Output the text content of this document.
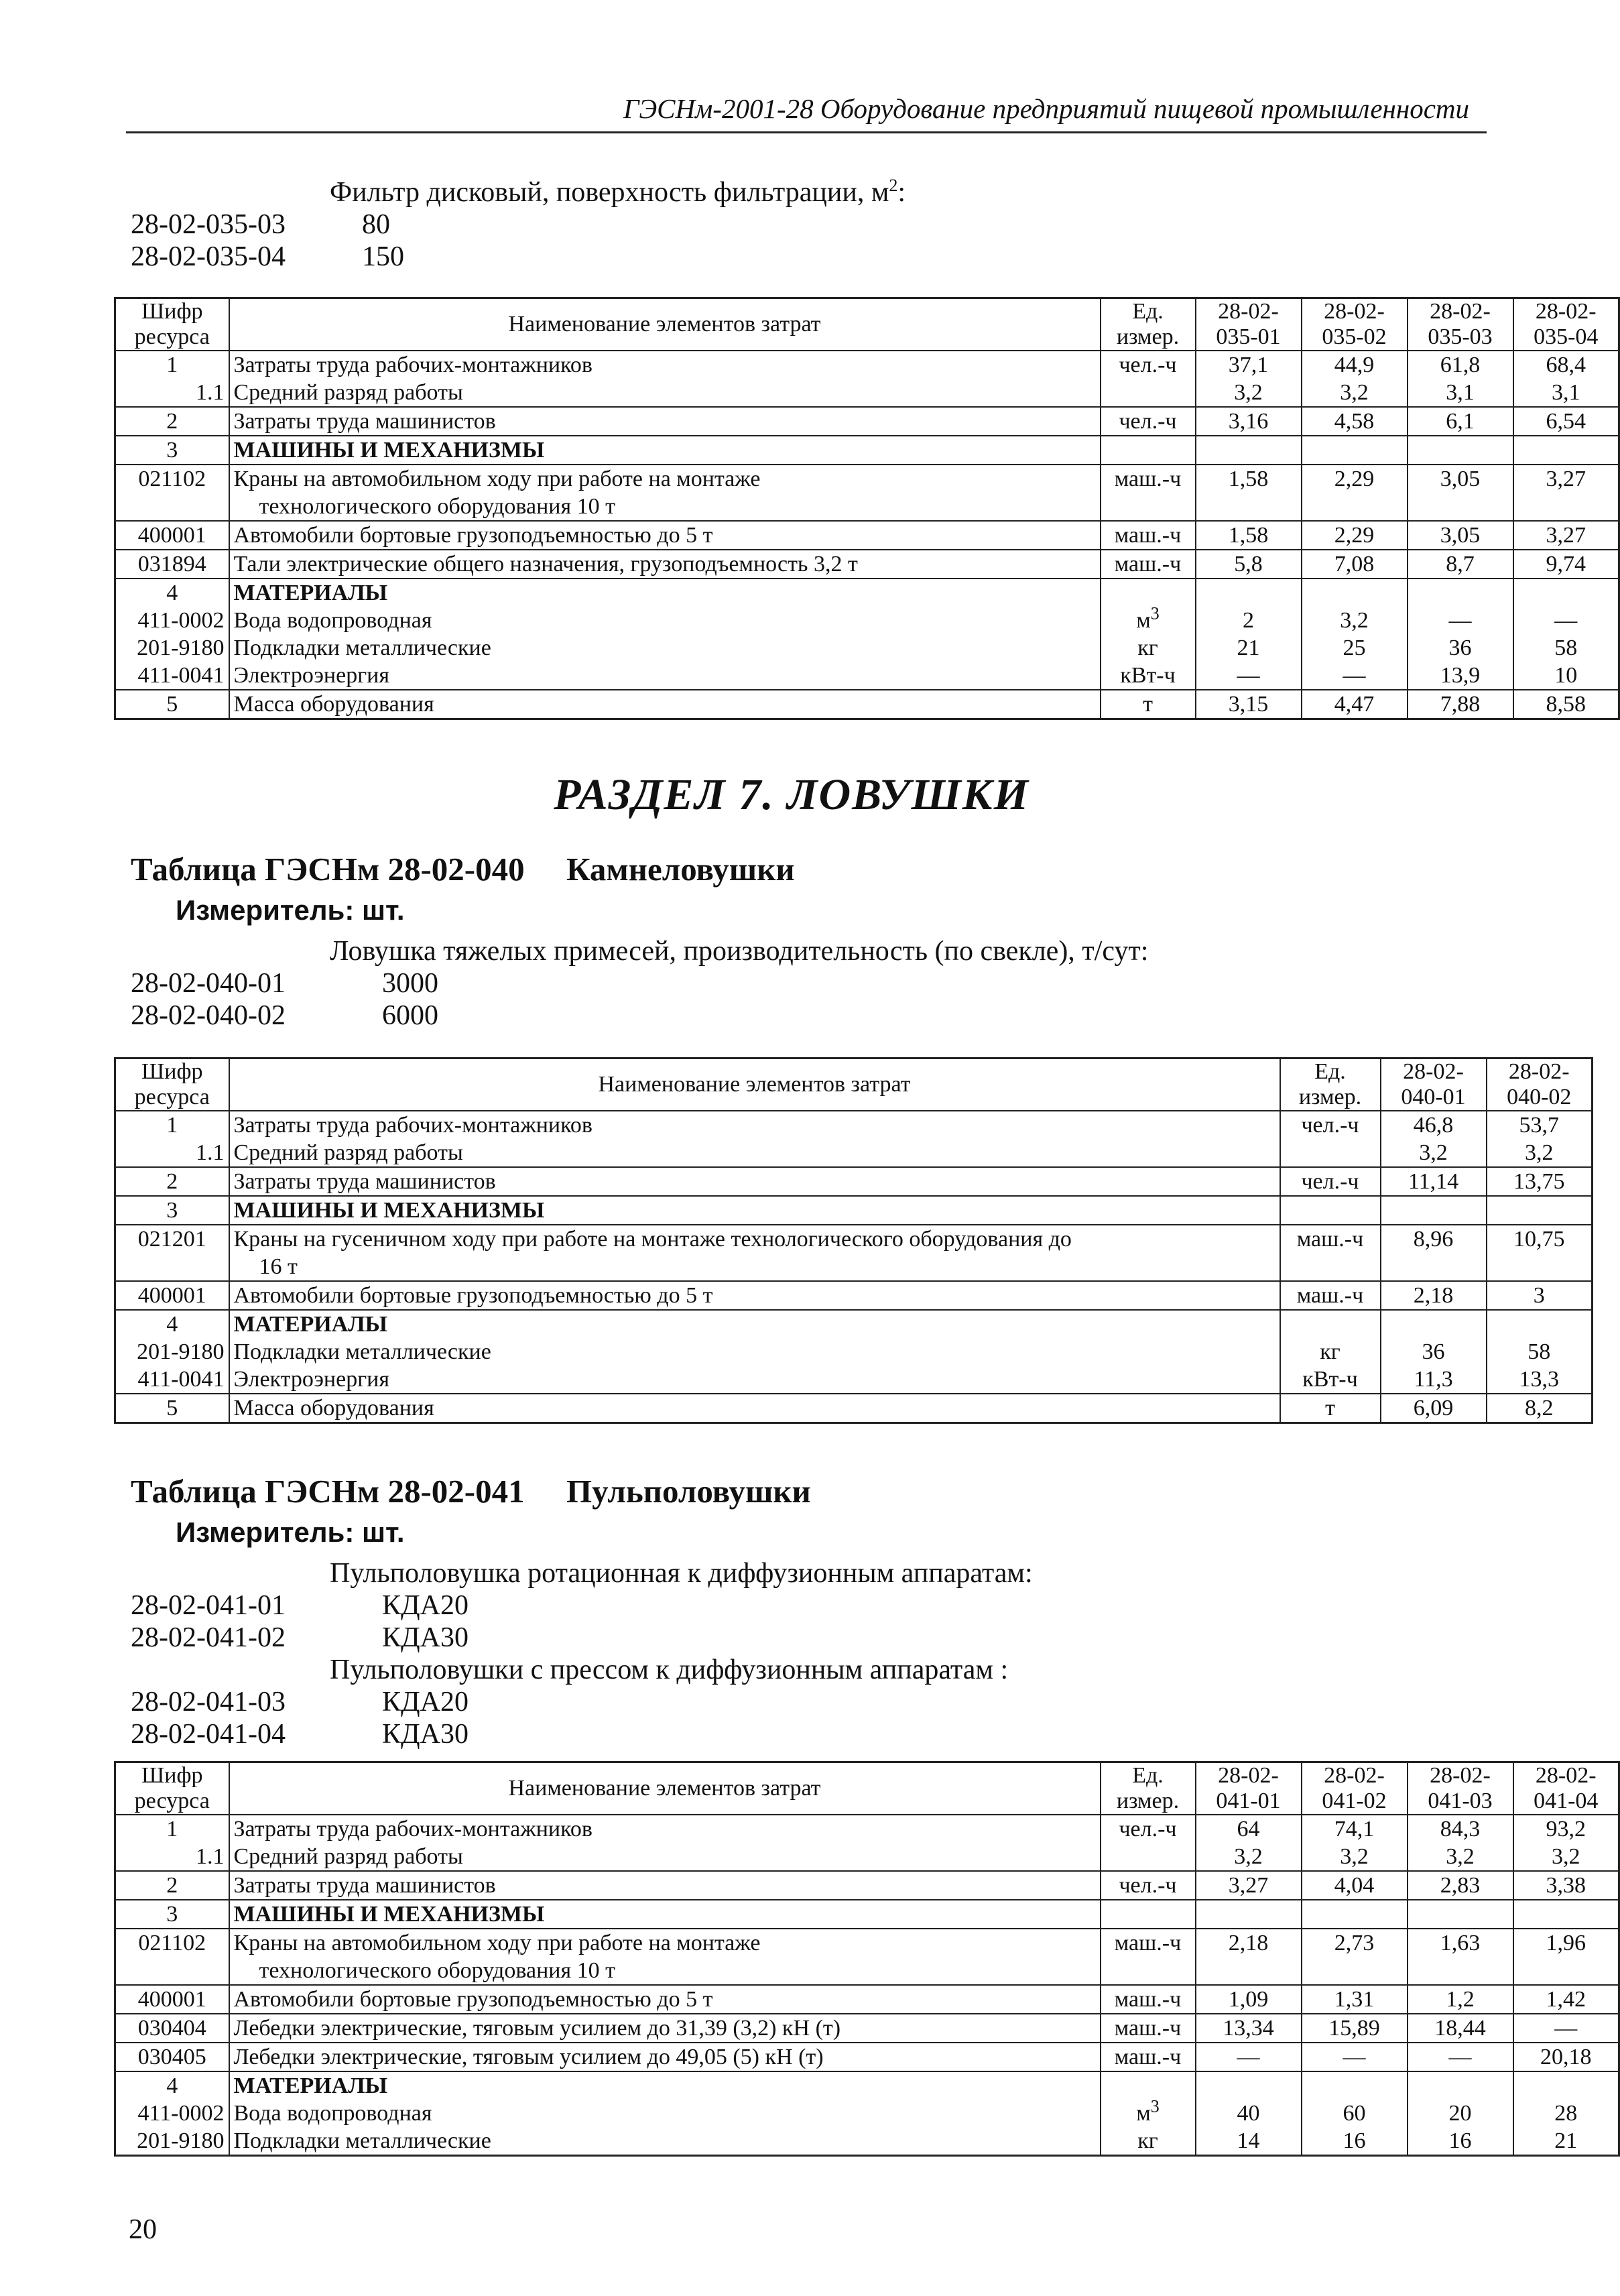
ГЭСНм-2001-28 Оборудование предприятий пищевой промышленности
Фильтр дисковый, поверхность фильтрации, $м^2$:
28-02-035-03	80
28-02-035-04	150
Шифр ресурса	Наименование элементов затрат	Ед. измер.	28-02-035-01	28-02-035-02	28-02-035-03	28-02-035-04
1	Затраты труда рабочих-монтажников	чел.-ч	37,1	44,9	61,8	68,4
1.1	Средний разряд работы		3,2	3,2	3,1	3,1
2	Затраты труда машинистов	чел.-ч	3,16	4,58	6,1	6,54
3	МАШИНЫ И МЕХАНИЗМЫ					
021102	Краны на автомобильном ходу при работе на монтаже
технологического оборудования 10 т	маш.-ч	1,58	2,29	3,05	3,27
400001	Автомобили бортовые грузоподъемностью до 5 т	маш.-ч	1,58	2,29	3,05	3,27
031894	Тали электрические общего назначения, грузоподъемность 3,2 т	маш.-ч	5,8	7,08	8,7	9,74
4	МАТЕРИАЛЫ					
411-0002	Вода водопроводная	$м^3$	2	3,2	—	—
201-9180	Подкладки металлические	кг	21	25	36	58
411-0041	Электроэнергия	кВт-ч	—	—	13,9	10
5	Масса оборудования	т	3,15	4,47	7,88	8,58
РАЗДЕЛ 7. ЛОВУШКИ
Таблица ГЭСНм 28-02-040 Камнеловушки
Измеритель: шт.
Ловушка тяжелых примесей, производительность (по свекле), т/сут:
28-02-040-01	3000
28-02-040-02	6000
Шифр ресурса	Наименование элементов затрат	Ед. измер.	28-02-040-01	28-02-040-02
1	Затраты труда рабочих-монтажников	чел.-ч	46,8	53,7
1.1	Средний разряд работы		3,2	3,2
2	Затраты труда машинистов	чел.-ч	11,14	13,75
3	МАШИНЫ И МЕХАНИЗМЫ			
021201	Краны на гусеничном ходу при работе на монтаже технологического оборудования до
16 т	маш.-ч	8,96	10,75
400001	Автомобили бортовые грузоподъемностью до 5 т	маш.-ч	2,18	3
4	МАТЕРИАЛЫ			
201-9180	Подкладки металлические	кг	36	58
411-0041	Электроэнергия	кВт-ч	11,3	13,3
5	Масса оборудования	т	6,09	8,2
Таблица ГЭСНм 28-02-041 Пульполовушки
Измеритель: шт.
Пульполовушка ротационная к диффузионным аппаратам:
28-02-041-01	КДА20
28-02-041-02	КДА30
Пульполовушки с прессом к диффузионным аппаратам :
28-02-041-03	КДА20
28-02-041-04	КДА30
Шифр ресурса	Наименование элементов затрат	Ед. измер.	28-02-041-01	28-02-041-02	28-02-041-03	28-02-041-04
1	Затраты труда рабочих-монтажников	чел.-ч	64	74,1	84,3	93,2
1.1	Средний разряд работы		3,2	3,2	3,2	3,2
2	Затраты труда машинистов	чел.-ч	3,27	4,04	2,83	3,38
3	МАШИНЫ И МЕХАНИЗМЫ					
021102	Краны на автомобильном ходу при работе на монтаже
технологического оборудования 10 т	маш.-ч	2,18	2,73	1,63	1,96
400001	Автомобили бортовые грузоподъемностью до 5 т	маш.-ч	1,09	1,31	1,2	1,42
030404	Лебедки электрические, тяговым усилием до 31,39 (3,2) кН (т)	маш.-ч	13,34	15,89	18,44	—
030405	Лебедки электрические, тяговым усилием до 49,05 (5) кН (т)	маш.-ч	—	—	—	20,18
4	МАТЕРИАЛЫ					
411-0002	Вода водопроводная	$м^3$	40	60	20	28
201-9180	Подкладки металлические	кг	14	16	16	21
20
